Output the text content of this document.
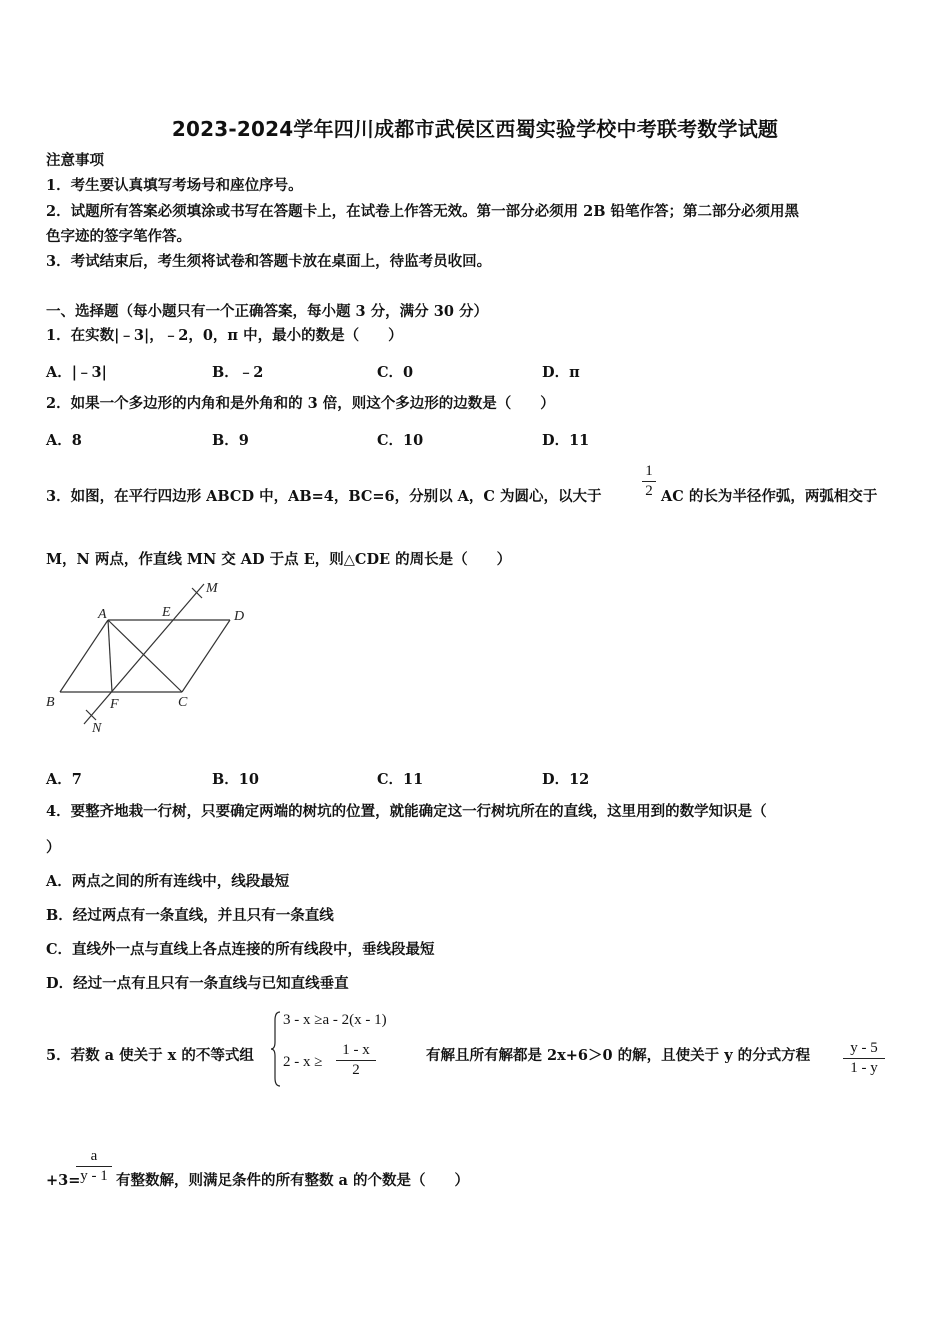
2023-2024学年四川成都市武侯区西蜀实验学校中考联考数学试题
注意事项
1．考生要认真填写考场号和座位序号。
2．试题所有答案必须填涂或书写在答题卡上，在试卷上作答无效。第一部分必须用 2B 铅笔作答；第二部分必须用黑
色字迹的签字笔作答。
3．考试结束后，考生须将试卷和答题卡放在桌面上，待监考员收回。
一、选择题（每小题只有一个正确答案，每小题 3 分，满分 30 分）
1．在实数|﹣3|，﹣2，0，π 中，最小的数是（　　）
A．|﹣3|	B．﹣2	C．0	D．π
2．如果一个多边形的内角和是外角和的 3 倍，则这个多边形的边数是（　　）
A．8	B．9	C．10	D．11
3．如图，在平行四边形 ABCD 中，AB=4，BC=6，分别以 A，C 为圆心，以大于	$\frac{1}{2}$ AC 的长为半径作弧，两弧相交于
M，N 两点，作直线 MN 交 AD 于点 E，则△CDE 的周长是（　　）
A	D
E
M
B	F	C
N
A．7	B．10	C．11	D．12
4．要整齐地栽一行树，只要确定两端的树坑的位置，就能确定这一行树坑所在的直线，这里用到的数学知识是（
）
A．两点之间的所有连线中，线段最短
B．经过两点有一条直线，并且只有一条直线
C．直线外一点与直线上各点连接的所有线段中，垂线段最短
D．经过一点有且只有一条直线与已知直线垂直
5．若数 a 使关于 x 的不等式组
3 - x ≥a - 2(x - 1)
$2 - x \ge \frac{1 - x}{2}$	有解且所有解都是 2x+6＞0 的解，且使关于 y 的分式方程 $\frac{y - 5}{1 - y}$
+3=
$\frac{a}{y - 1}$ 有整数解，则满足条件的所有整数 a 的个数是（　　）
